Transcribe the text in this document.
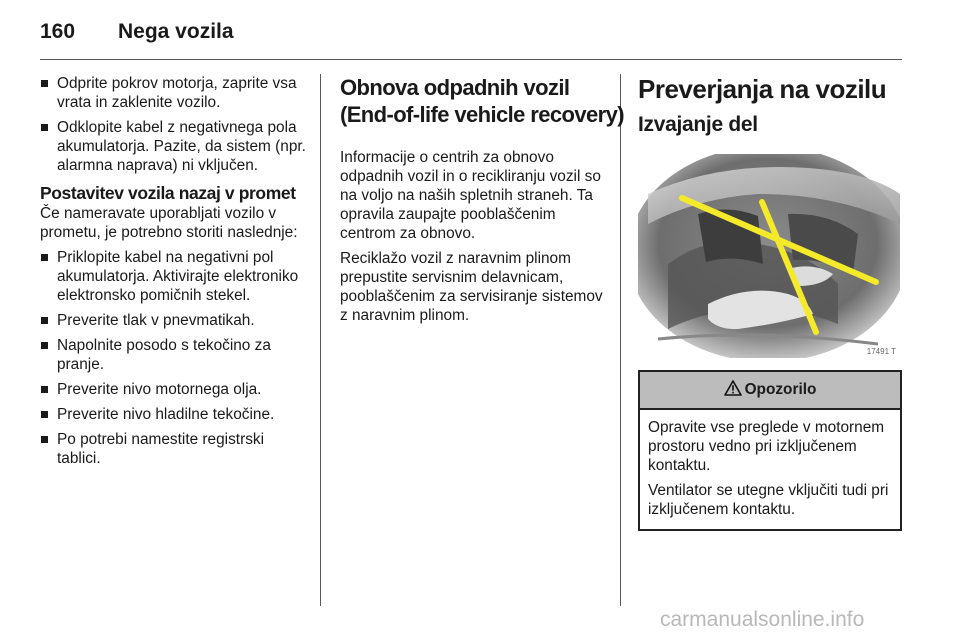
160 Nega vozila
Odprite pokrov motorja, zaprite vsa vrata in zaklenite vozilo.
Odklopite kabel z negativnega pola akumulatorja. Pazite, da sistem (npr. alarmna naprava) ni vključen.
Postavitev vozila nazaj v promet

Če nameravate uporabljati vozilo v prometu, je potrebno storiti naslednje:

Priklopite kabel na negativni pol akumulatorja. Aktivirajte elektroniko elektronsko pomičnih stekel.
Preverite tlak v pnevmatikah.
Napolnite posodo s tekočino za pranje.
Preverite nivo motornega olja.
Preverite nivo hladilne tekočine.
Po potrebi namestite registrski tablici.
Obnova odpadnih vozil
(End-of-life vehicle recovery)

Informacije o centrih za obnovo odpadnih vozil in o recikliranju vozil so na voljo na naših spletnih straneh. Ta opravila zaupajte pooblaščenim centrom za obnovo.

Reciklažo vozil z naravnim plinom prepustite servisnim delavnicam, pooblaščenim za servisiranje sistemov z naravnim plinom.

Preverjanja na vozilu
Izvajanje del
17491 T
Opozorilo

Opravite vse preglede v motornem prostoru vedno pri izključenem kontaktu.

Ventilator se utegne vključiti tudi pri izključenem kontaktu.

carmanualsonline.info
